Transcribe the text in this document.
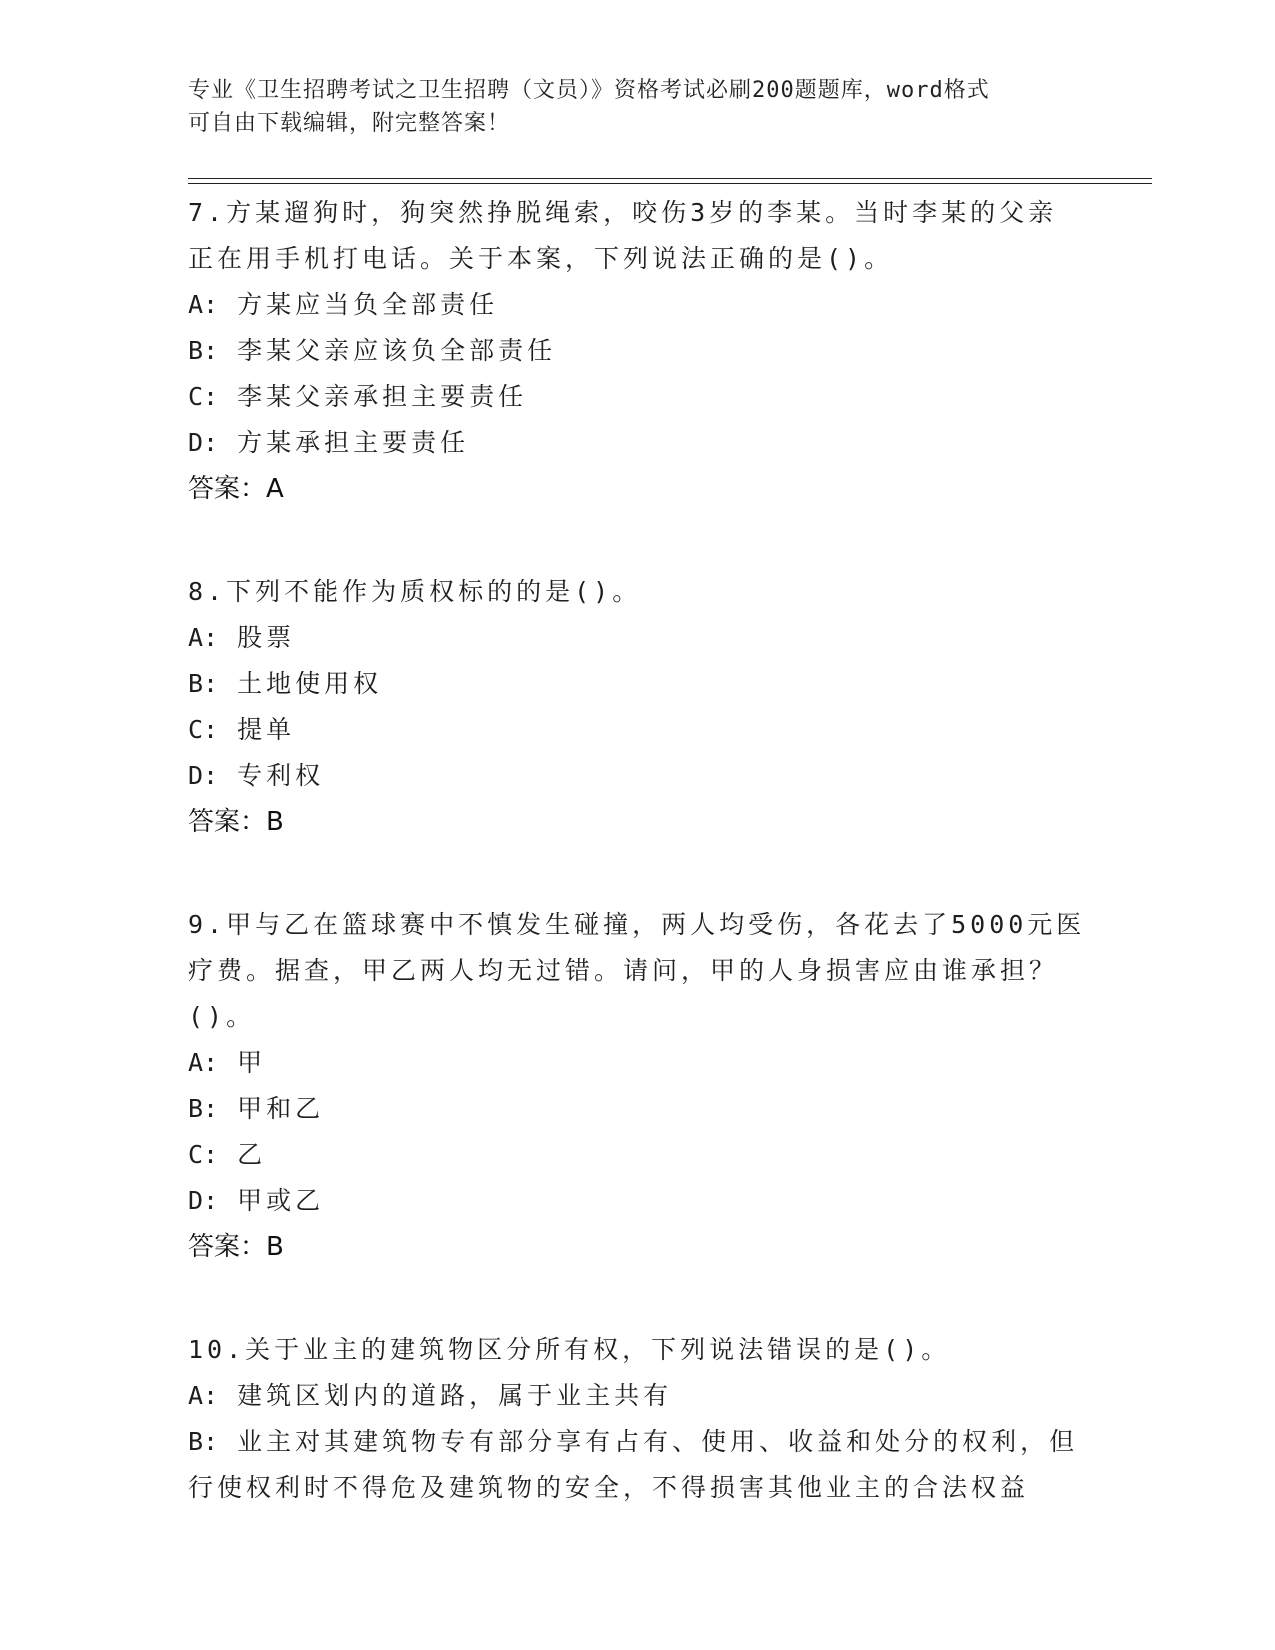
专业《卫生招聘考试之卫生招聘（文员）》资格考试必刷200题题库，word格式
可自由下载编辑，附完整答案！
7.方某遛狗时，狗突然挣脱绳索，咬伤3岁的李某。当时李某的父亲
正在用手机打电话。关于本案，下列说法正确的是()。
A: 方某应当负全部责任
B: 李某父亲应该负全部责任
C: 李某父亲承担主要责任
D: 方某承担主要责任
答案：A
8.下列不能作为质权标的的是()。
A: 股票
B: 土地使用权
C: 提单
D: 专利权
答案：B
9.甲与乙在篮球赛中不慎发生碰撞，两人均受伤，各花去了5000元医
疗费。据查，甲乙两人均无过错。请问，甲的人身损害应由谁承担？
()。
A: 甲
B: 甲和乙
C: 乙
D: 甲或乙
答案：B
10.关于业主的建筑物区分所有权，下列说法错误的是()。
A: 建筑区划内的道路，属于业主共有
B: 业主对其建筑物专有部分享有占有、使用、收益和处分的权利，但
行使权利时不得危及建筑物的安全，不得损害其他业主的合法权益
